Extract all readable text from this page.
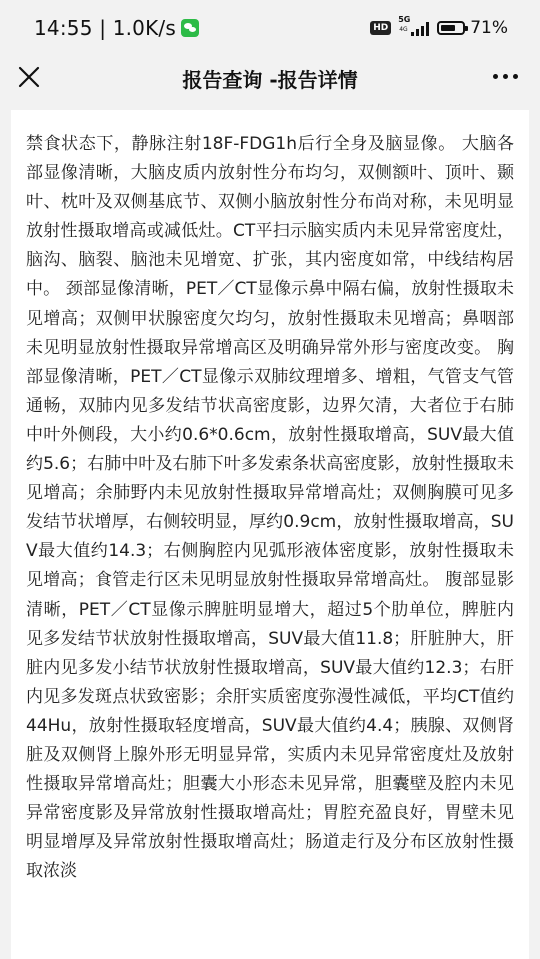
14:55 | 1.0K/s	HD
5G
4G	71%
报告查询 -报告详情
禁食状态下，静脉注射18F-FDG1h后行全身及脑显像。 大脑各部显像清晰，大脑皮质内放射性分布均匀，双侧额叶、顶叶、颞叶、枕叶及双侧基底节、双侧小脑放射性分布尚对称，未见明显放射性摄取增高或减低灶。CT平扫示脑实质内未见异常密度灶，脑沟、脑裂、脑池未见增宽、扩张，其内密度如常，中线结构居中。 颈部显像清晰，PET／CT显像示鼻中隔右偏，放射性摄取未见增高；双侧甲状腺密度欠均匀，放射性摄取未见增高；鼻咽部未见明显放射性摄取异常增高区及明确异常外形与密度改变。 胸部显像清晰，PET／CT显像示双肺纹理增多、增粗，气管支气管通畅，双肺内见多发结节状高密度影，边界欠清，大者位于右肺中叶外侧段，大小约0.6*0.6cm，放射性摄取增高，SUV最大值约5.6；右肺中叶及右肺下叶多发索条状高密度影，放射性摄取未见增高；余肺野内未见放射性摄取异常增高灶；双侧胸膜可见多发结节状增厚，右侧较明显，厚约0.9cm，放射性摄取增高，SUV最大值约14.3；右侧胸腔内见弧形液体密度影，放射性摄取未见增高；食管走行区未见明显放射性摄取异常增高灶。 腹部显影清晰，PET／CT显像示脾脏明显增大，超过5个肋单位，脾脏内见多发结节状放射性摄取增高，SUV最大值11.8；肝脏肿大，肝脏内见多发小结节状放射性摄取增高，SUV最大值约12.3；右肝内见多发斑点状致密影；余肝实质密度弥漫性减低，平均CT值约44Hu，放射性摄取轻度增高，SUV最大值约4.4；胰腺、双侧肾脏及双侧肾上腺外形无明显异常，实质内未见异常密度灶及放射性摄取异常增高灶；胆囊大小形态未见异常，胆囊壁及腔内未见异常密度影及异常放射性摄取增高灶；胃腔充盈良好，胃壁未见明显增厚及异常放射性摄取增高灶；肠道走行及分布区放射性摄取浓淡
